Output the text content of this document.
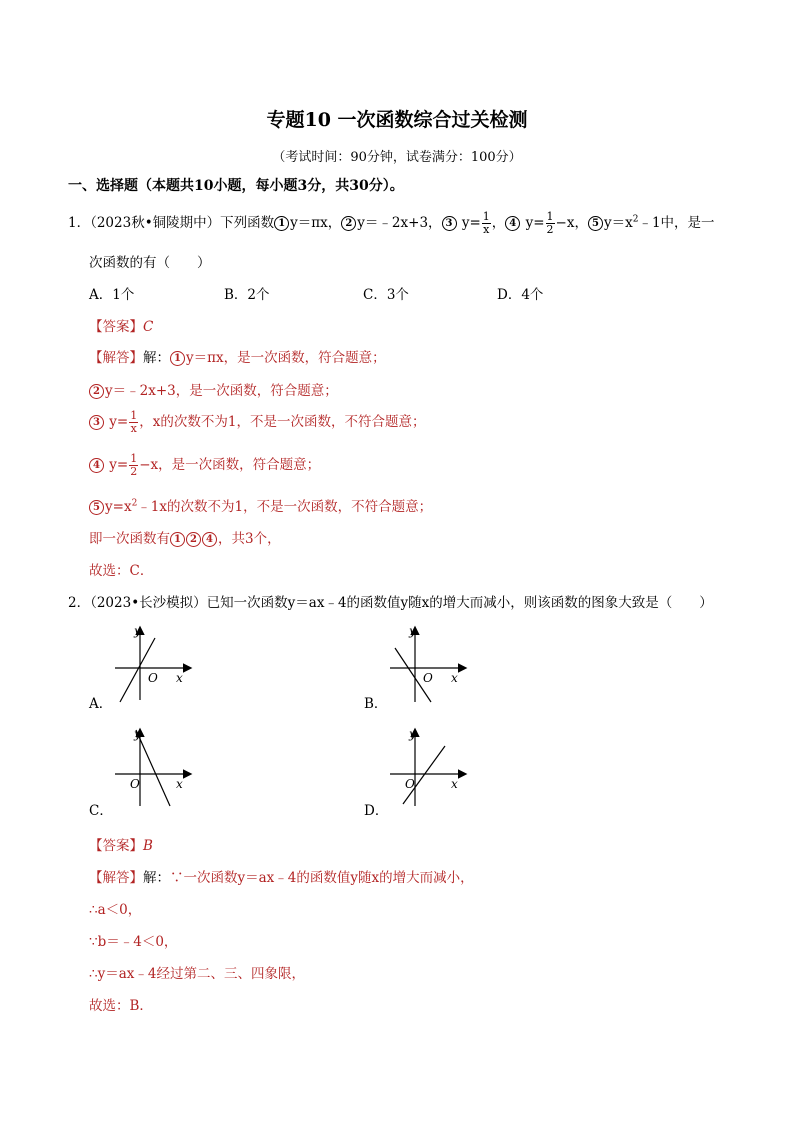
专题10 一次函数综合过关检测
（考试时间：90分钟，试卷满分：100分）
一、选择题（本题共10小题，每小题3分，共30分）。
1．（2023秋•铜陵期中）下列函数 1 y＝πx， 2 y＝﹣2x+3， 3 $y= \frac{1}{x}$ ， 4 $y= \frac{1}{2} -x$， 5 $y=x^2﹣1$中，是一
次函数的有（　　）
A．1个	B．2个	C．3个	D．4个
【答案】C
【解答】解： 1 y＝πx，是一次函数，符合题意；
2 y＝﹣2x+3，是一次函数，符合题意；
3 $y= \frac{1}{x}$ ，x的次数不为1，不是一次函数，不符合题意；
4 $y= \frac{1}{2} -x$，是一次函数，符合题意；
5 $y=x^2﹣1x$的次数不为1，不是一次函数，不符合题意；
即一次函数有 1 2 4 ，共3个，
故选：C．
2．（2023•长沙模拟）已知一次函数y＝ax﹣4的函数值y随x的增大而减小，则该函数的图象大致是（　　）
y
x
O
A．
y
x
O
B．
y
x
O
C．
y
x
O
D．
【答案】B
【解答】解：∵一次函数y＝ax﹣4的函数值y随x的增大而减小，
∴a＜0，
∵b＝﹣4＜0，
∴y＝ax﹣4经过第二、三、四象限，
故选：B．
